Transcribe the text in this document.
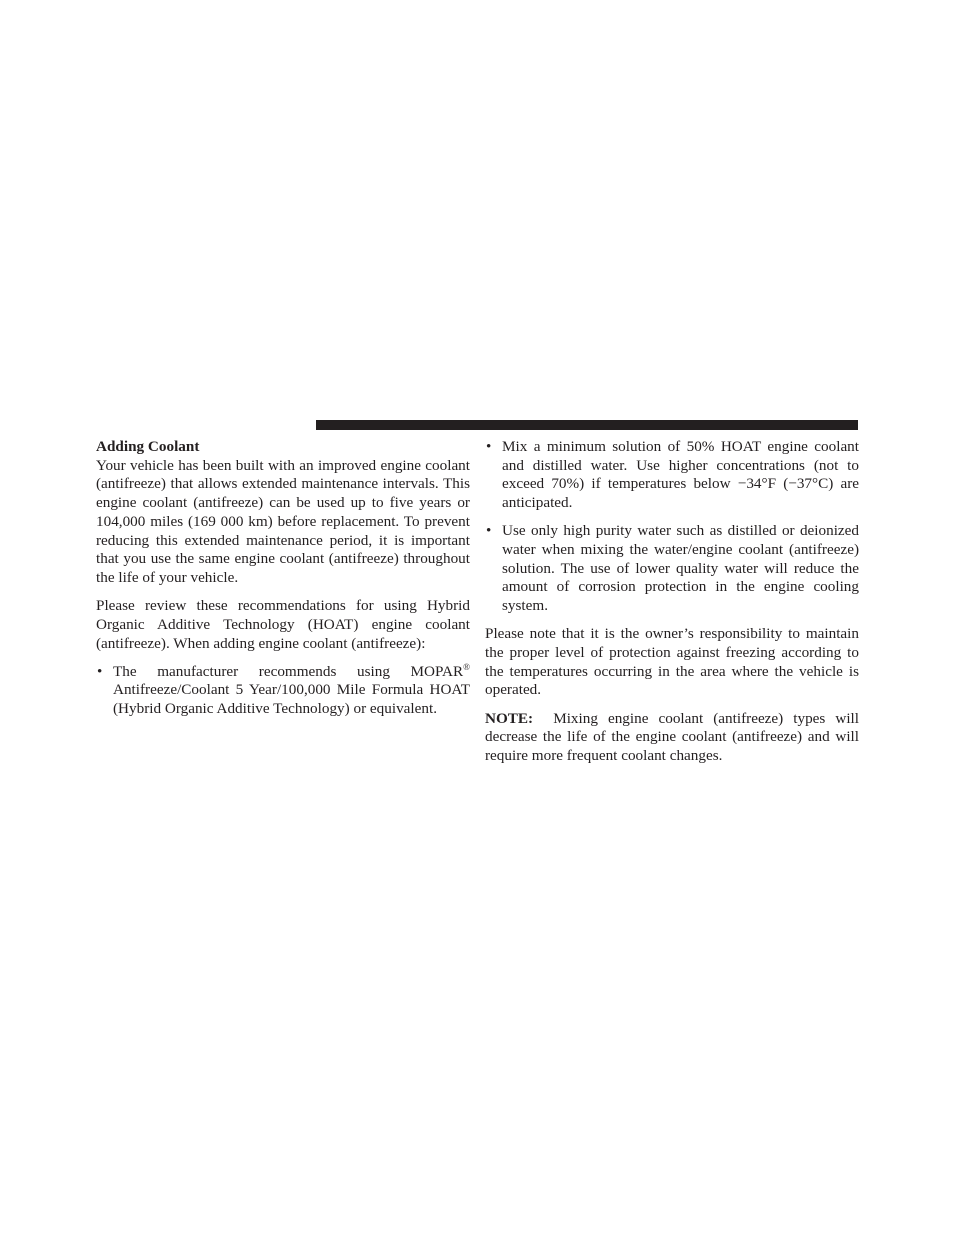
Adding Coolant

Your vehicle has been built with an improved engine coolant (antifreeze) that allows extended maintenance intervals. This engine coolant (antifreeze) can be used up to five years or 104,000 miles (169 000 km) before replacement. To prevent reducing this extended maintenance period, it is important that you use the same engine coolant (antifreeze) throughout the life of your vehicle.

Please review these recommendations for using Hybrid Organic Additive Technology (HOAT) engine coolant (antifreeze). When adding engine coolant (antifreeze):

• The manufacturer recommends using MOPAR® Antifreeze/Coolant 5 Year/100,000 Mile Formula HOAT (Hybrid Organic Additive Technology) or equivalent.
• Mix a minimum solution of 50% HOAT engine coolant and distilled water. Use higher concentrations (not to exceed 70%) if temperatures below −34°F (−37°C) are anticipated.
• Use only high purity water such as distilled or deionized water when mixing the water/engine coolant (antifreeze) solution. The use of lower quality water will reduce the amount of corrosion protection in the engine cooling system.

Please note that it is the owner’s responsibility to maintain the proper level of protection against freezing according to the temperatures occurring in the area where the vehicle is operated.

NOTE: Mixing engine coolant (antifreeze) types will decrease the life of the engine coolant (antifreeze) and will require more frequent coolant changes.
